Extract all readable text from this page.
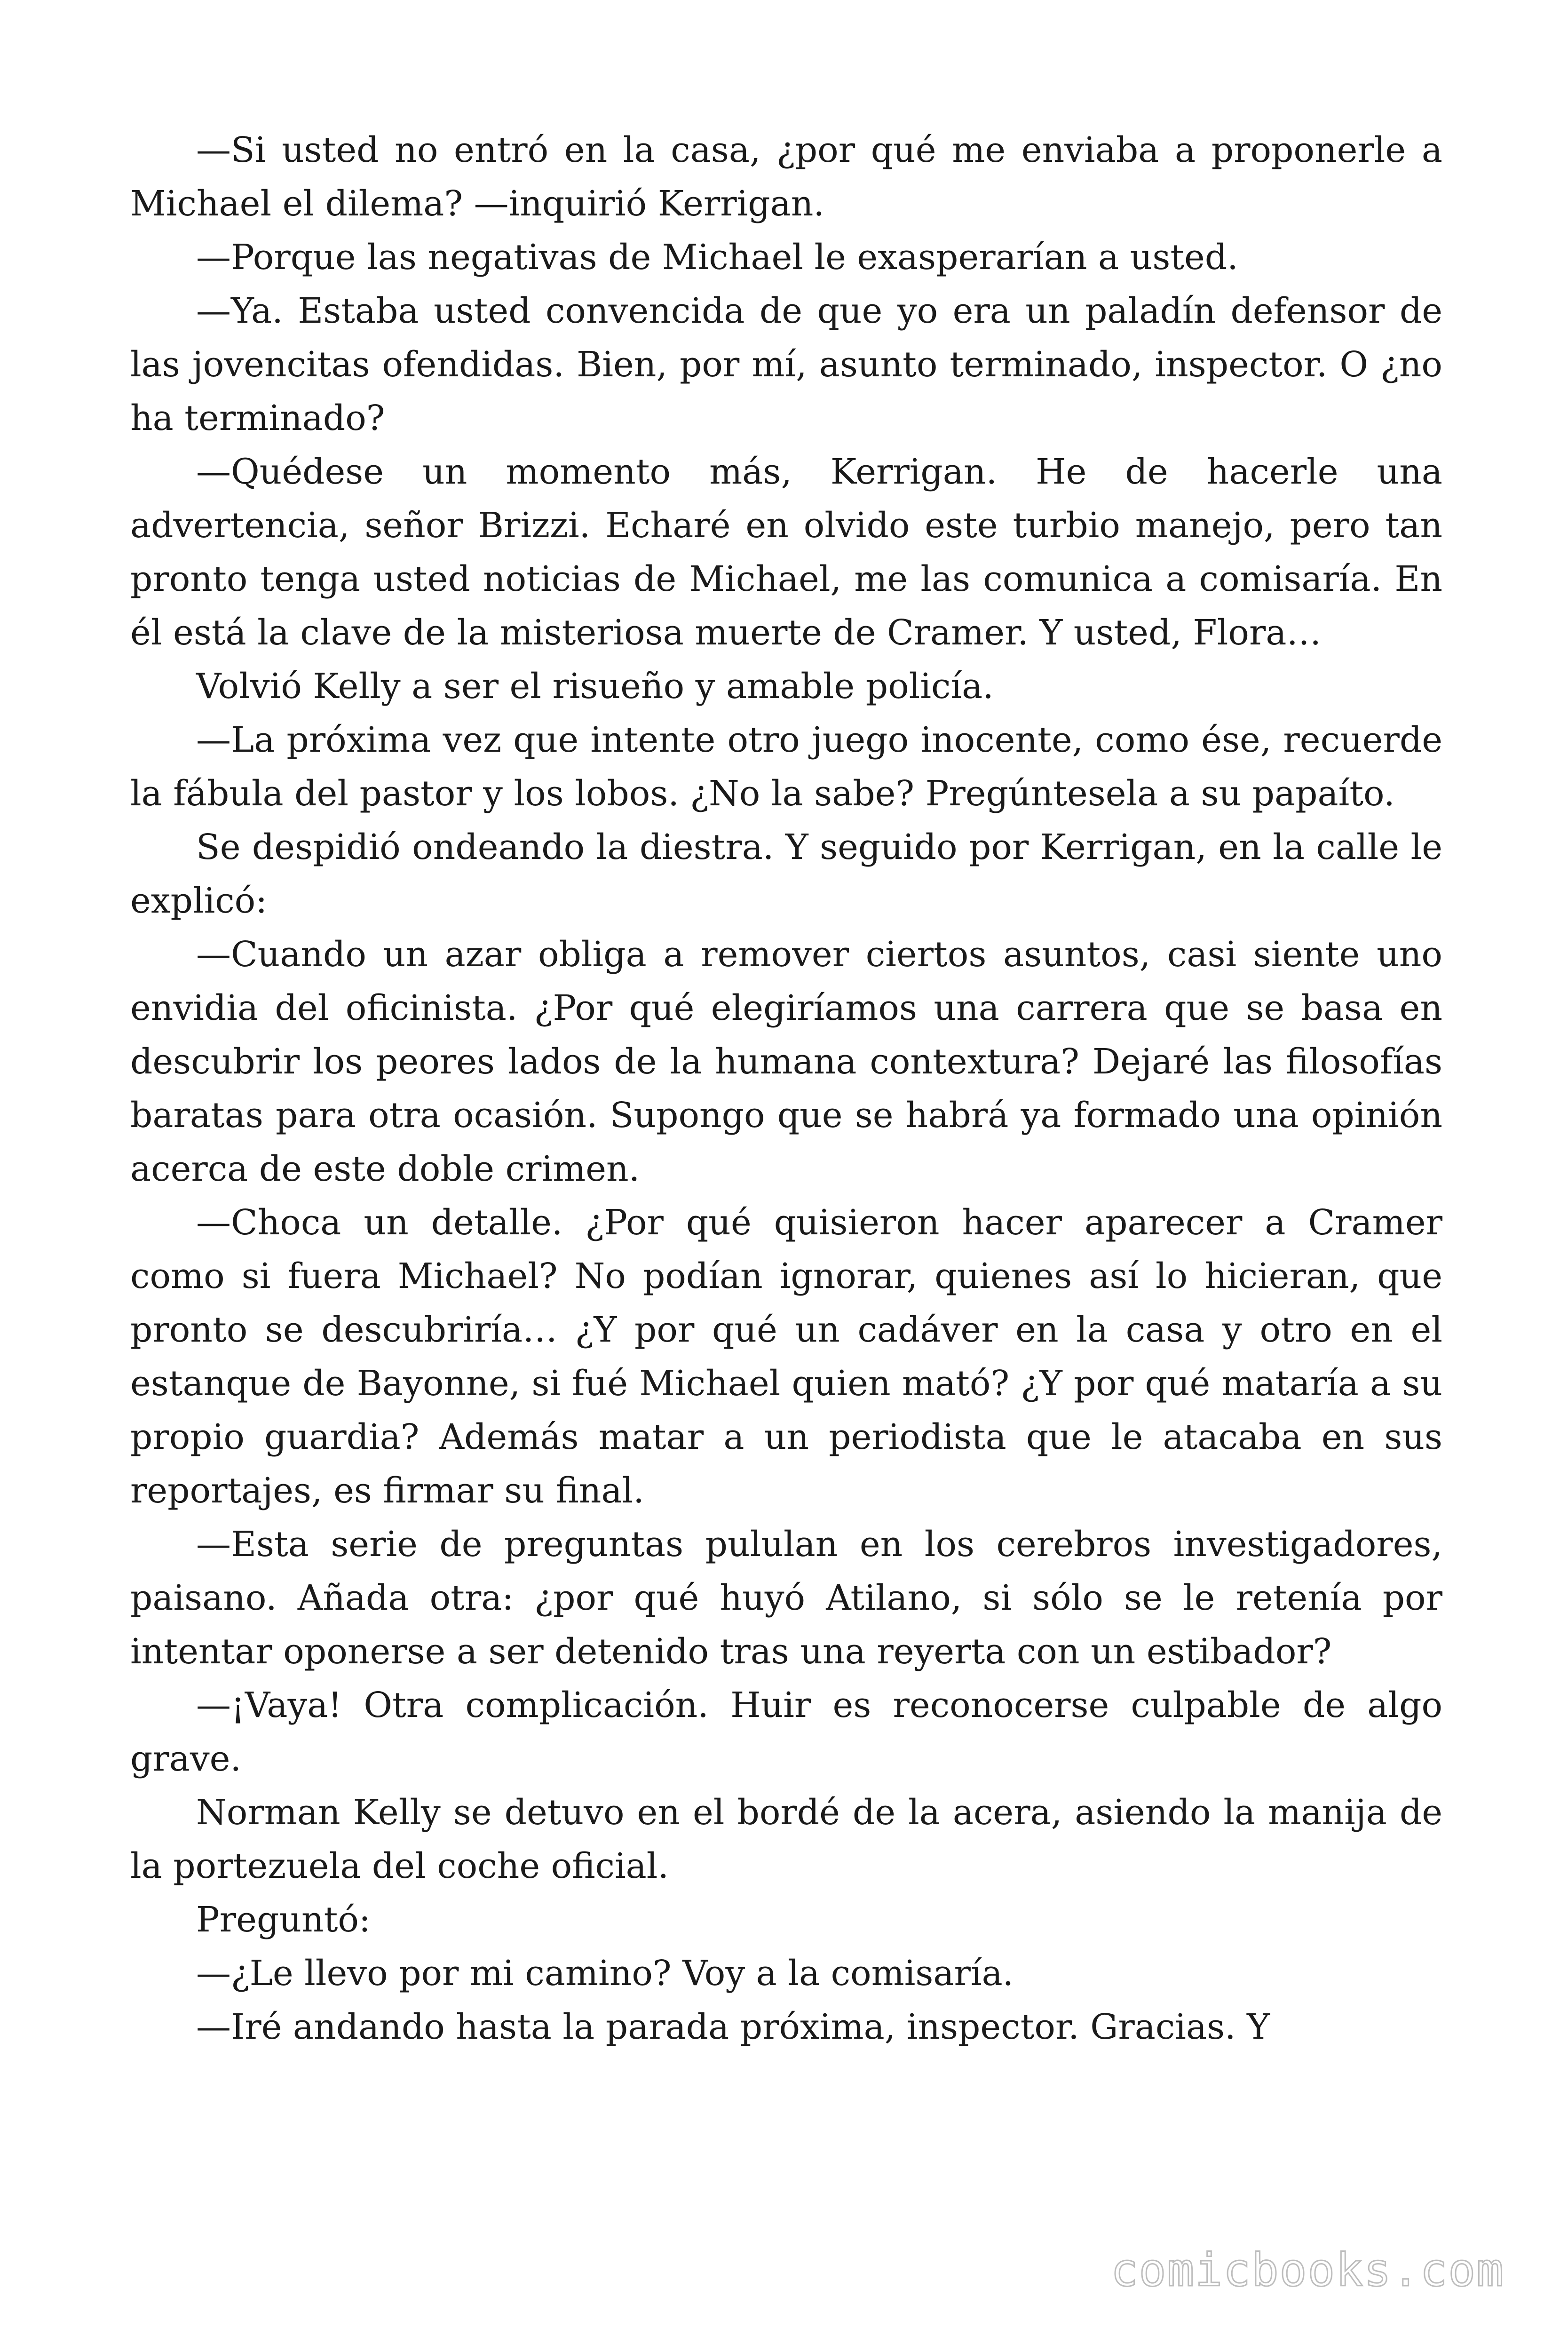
—Si usted no entró en la casa, ¿por qué me enviaba a proponerle a Michael el dilema? —inquirió Kerrigan.

—Porque las negativas de Michael le exasperarían a usted.

—Ya. Estaba usted convencida de que yo era un paladín defensor de las jovencitas ofendidas. Bien, por mí, asunto terminado, inspector. O ¿no ha terminado?

—Quédese un momento más, Kerrigan. He de hacerle una advertencia, señor Brizzi. Echaré en olvido este turbio manejo, pero tan pronto tenga usted noticias de Michael, me las comunica a comisaría. En él está la clave de la misteriosa muerte de Cramer. Y usted, Flora…

Volvió Kelly a ser el risueño y amable policía.

—La próxima vez que intente otro juego inocente, como ése, recuerde la fábula del pastor y los lobos. ¿No la sabe? Pregúntesela a su papaíto.

Se despidió ondeando la diestra. Y seguido por Kerrigan, en la calle le explicó:

—Cuando un azar obliga a remover ciertos asuntos, casi siente uno envidia del oficinista. ¿Por qué elegiríamos una carrera que se basa en descubrir los peores lados de la humana contextura? Dejaré las filosofías baratas para otra ocasión. Supongo que se habrá ya formado una opinión acerca de este doble crimen.

—Choca un detalle. ¿Por qué quisieron hacer aparecer a Cramer como si fuera Michael? No podían ignorar, quienes así lo hicieran, que pronto se descubriría… ¿Y por qué un cadáver en la casa y otro en el estanque de Bayonne, si fué Michael quien mató? ¿Y por qué mataría a su propio guardia? Además matar a un periodista que le atacaba en sus reportajes, es firmar su final.

—Esta serie de preguntas pululan en los cerebros investigadores, paisano. Añada otra: ¿por qué huyó Atilano, si sólo se le retenía por intentar oponerse a ser detenido tras una reyerta con un estibador?

—¡Vaya! Otra complicación. Huir es reconocerse culpable de algo grave.

Norman Kelly se detuvo en el bordé de la acera, asiendo la manija de la portezuela del coche oficial.

Preguntó:

—¿Le llevo por mi camino? Voy a la comisaría.

—Iré andando hasta la parada próxima, inspector. Gracias. Y

comicbooks.com
